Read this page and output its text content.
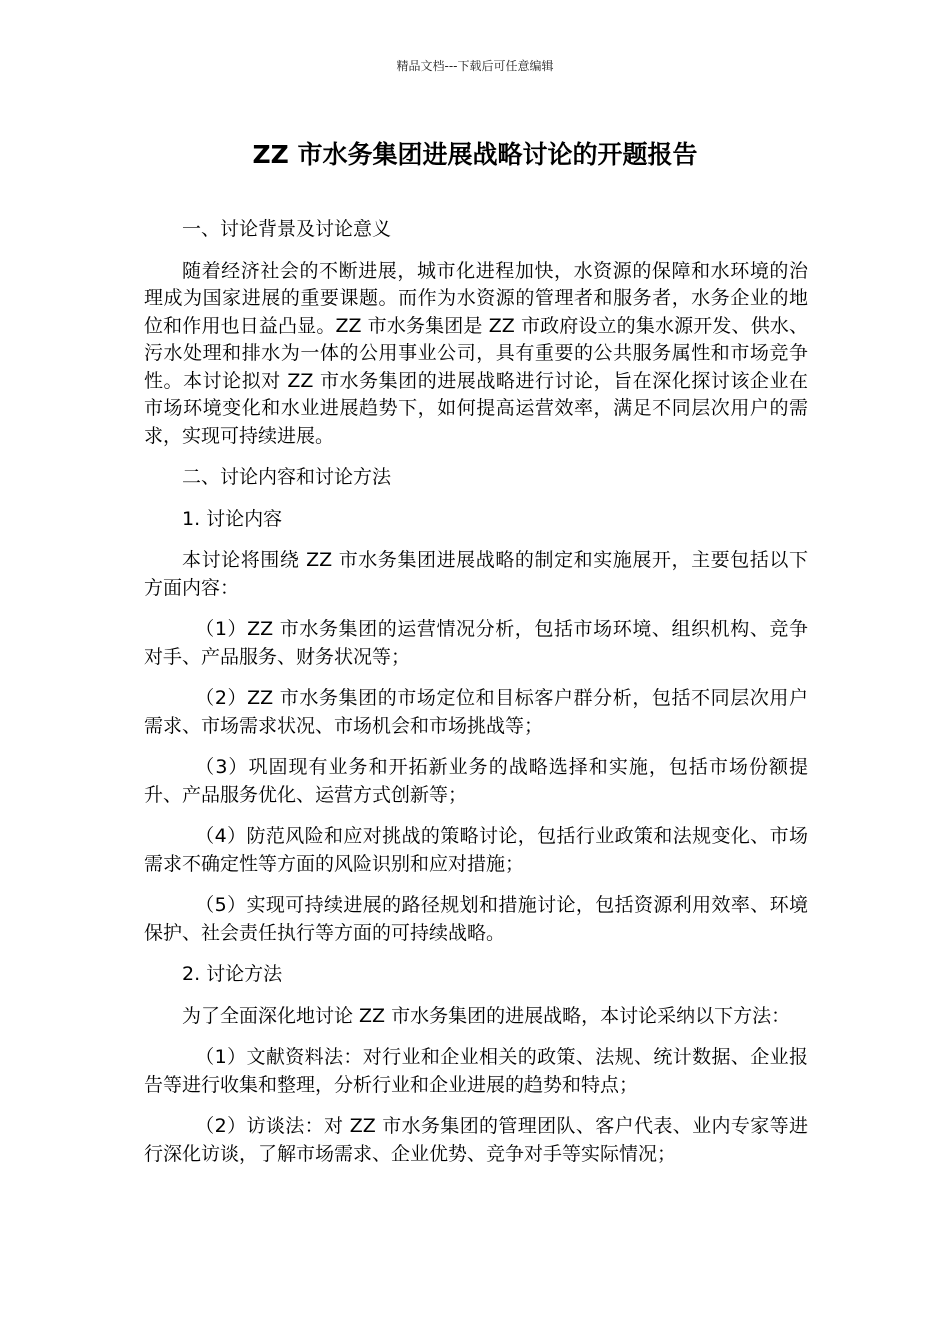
精品文档---下载后可任意编辑
ZZ 市水务集团进展战略讨论的开题报告

一、讨论背景及讨论意义

随着经济社会的不断进展，城市化进程加快，水资源的保障和水环境的治理成为国家进展的重要课题。而作为水资源的管理者和服务者，水务企业的地位和作用也日益凸显。ZZ 市水务集团是 ZZ 市政府设立的集水源开发、供水、污水处理和排水为一体的公用事业公司，具有重要的公共服务属性和市场竞争性。本讨论拟对 ZZ 市水务集团的进展战略进行讨论，旨在深化探讨该企业在市场环境变化和水业进展趋势下，如何提高运营效率，满足不同层次用户的需求，实现可持续进展。

二、讨论内容和讨论方法

1. 讨论内容

本讨论将围绕 ZZ 市水务集团进展战略的制定和实施展开，主要包括以下方面内容：

（1）ZZ 市水务集团的运营情况分析，包括市场环境、组织机构、竞争对手、产品服务、财务状况等；

（2）ZZ 市水务集团的市场定位和目标客户群分析，包括不同层次用户需求、市场需求状况、市场机会和市场挑战等；

（3）巩固现有业务和开拓新业务的战略选择和实施，包括市场份额提升、产品服务优化、运营方式创新等；

（4）防范风险和应对挑战的策略讨论，包括行业政策和法规变化、市场需求不确定性等方面的风险识别和应对措施；

（5）实现可持续进展的路径规划和措施讨论，包括资源利用效率、环境保护、社会责任执行等方面的可持续战略。

2. 讨论方法

为了全面深化地讨论 ZZ 市水务集团的进展战略，本讨论采纳以下方法：

（1）文献资料法：对行业和企业相关的政策、法规、统计数据、企业报告等进行收集和整理，分析行业和企业进展的趋势和特点；

（2）访谈法：对 ZZ 市水务集团的管理团队、客户代表、业内专家等进行深化访谈，了解市场需求、企业优势、竞争对手等实际情况；
